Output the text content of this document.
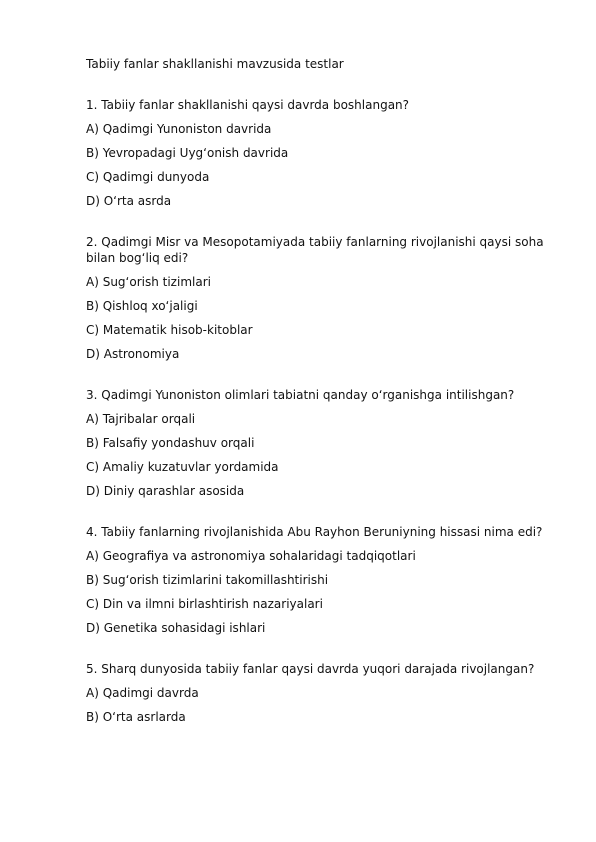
Tabiiy fanlar shakllanishi mavzusida testlar
1. Tabiiy fanlar shakllanishi qaysi davrda boshlangan?
A) Qadimgi Yunoniston davrida
B) Yevropadagi Uyg‘onish davrida
C) Qadimgi dunyoda
D) O‘rta asrda
2. Qadimgi Misr va Mesopotamiyada tabiiy fanlarning rivojlanishi qaysi soha bilan bog‘liq edi?
A) Sug‘orish tizimlari
B) Qishloq xo‘jaligi
C) Matematik hisob-kitoblar
D) Astronomiya
3. Qadimgi Yunoniston olimlari tabiatni qanday o‘rganishga intilishgan?
A) Tajribalar orqali
B) Falsafiy yondashuv orqali
C) Amaliy kuzatuvlar yordamida
D) Diniy qarashlar asosida
4. Tabiiy fanlarning rivojlanishida Abu Rayhon Beruniyning hissasi nima edi?
A) Geografiya va astronomiya sohalaridagi tadqiqotlari
B) Sug‘orish tizimlarini takomillashtirishi
C) Din va ilmni birlashtirish nazariyalari
D) Genetika sohasidagi ishlari
5. Sharq dunyosida tabiiy fanlar qaysi davrda yuqori darajada rivojlangan?
A) Qadimgi davrda
B) O‘rta asrlarda
